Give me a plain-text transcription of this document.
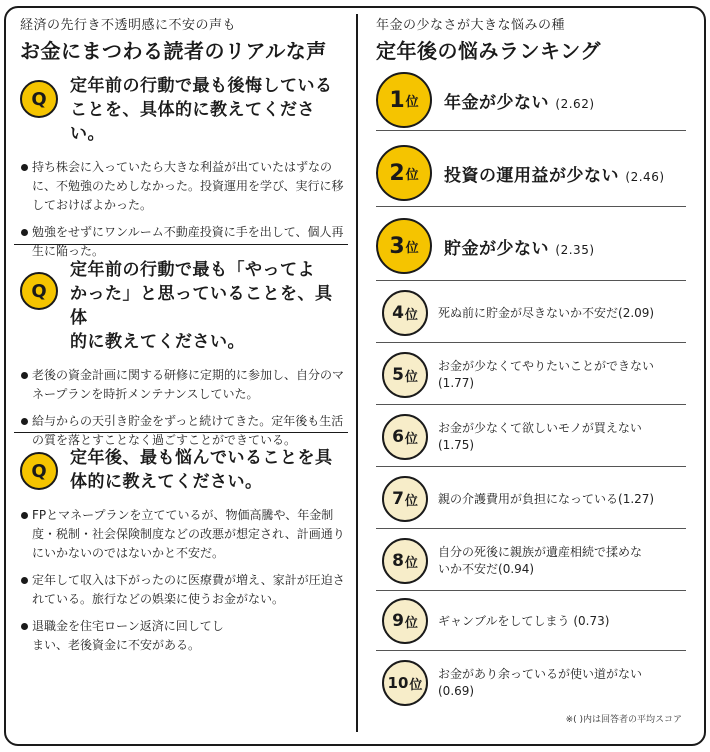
経済の先行き不透明感に不安の声も
お金にまつわる読者のリアルな声
Q
定年前の行動で最も後悔している
ことを、具体的に教えてください。
持ち株会に入っていたら大きな利益が出ていたはずなのに、不勉強のためしなかった。投資運用を学び、実行に移しておけばよかった。
勉強をせずにワンルーム不動産投資に手を出して、個人再生に陥った。
Q
定年前の行動で最も「やってよ
かった」と思っていることを、具体
的に教えてください。
老後の資金計画に関する研修に定期的に参加し、自分のマネープランを時折メンテナンスしていた。
給与からの天引き貯金をずっと続けてきた。定年後も生活の質を落とすことなく過ごすことができている。
Q
定年後、最も悩んでいることを具
体的に教えてください。
FPとマネープランを立てているが、物価高騰や、年金制度・税制・社会保険制度などの改悪が想定され、計画通りにいかないのではないかと不安だ。
定年して収入は下がったのに医療費が増え、家計が圧迫されている。旅行などの娯楽に使うお金がない。
退職金を住宅ローン返済に回してしまい、老後資金に不安がある。
年金の少なさが大きな悩みの種
定年後の悩みランキング
1 位 年金が少ない (2.62)
2 位 投資の運用益が少ない (2.46)
3 位 貯金が少ない (2.35)
4 位 死ぬ前に貯金が尽きないか不安だ(2.09)
5 位
お金が少なくてやりたいことができない
(1.77)
6 位
お金が少なくて欲しいモノが買えない
(1.75)
7 位 親の介護費用が負担になっている(1.27)
8 位
自分の死後に親族が遺産相続で揉めないか不安だ(0.94)
9 位 ギャンブルをしてしまう (0.73)
10 位
お金があり余っているが使い道がない
(0.69)
※( )内は回答者の平均スコア
